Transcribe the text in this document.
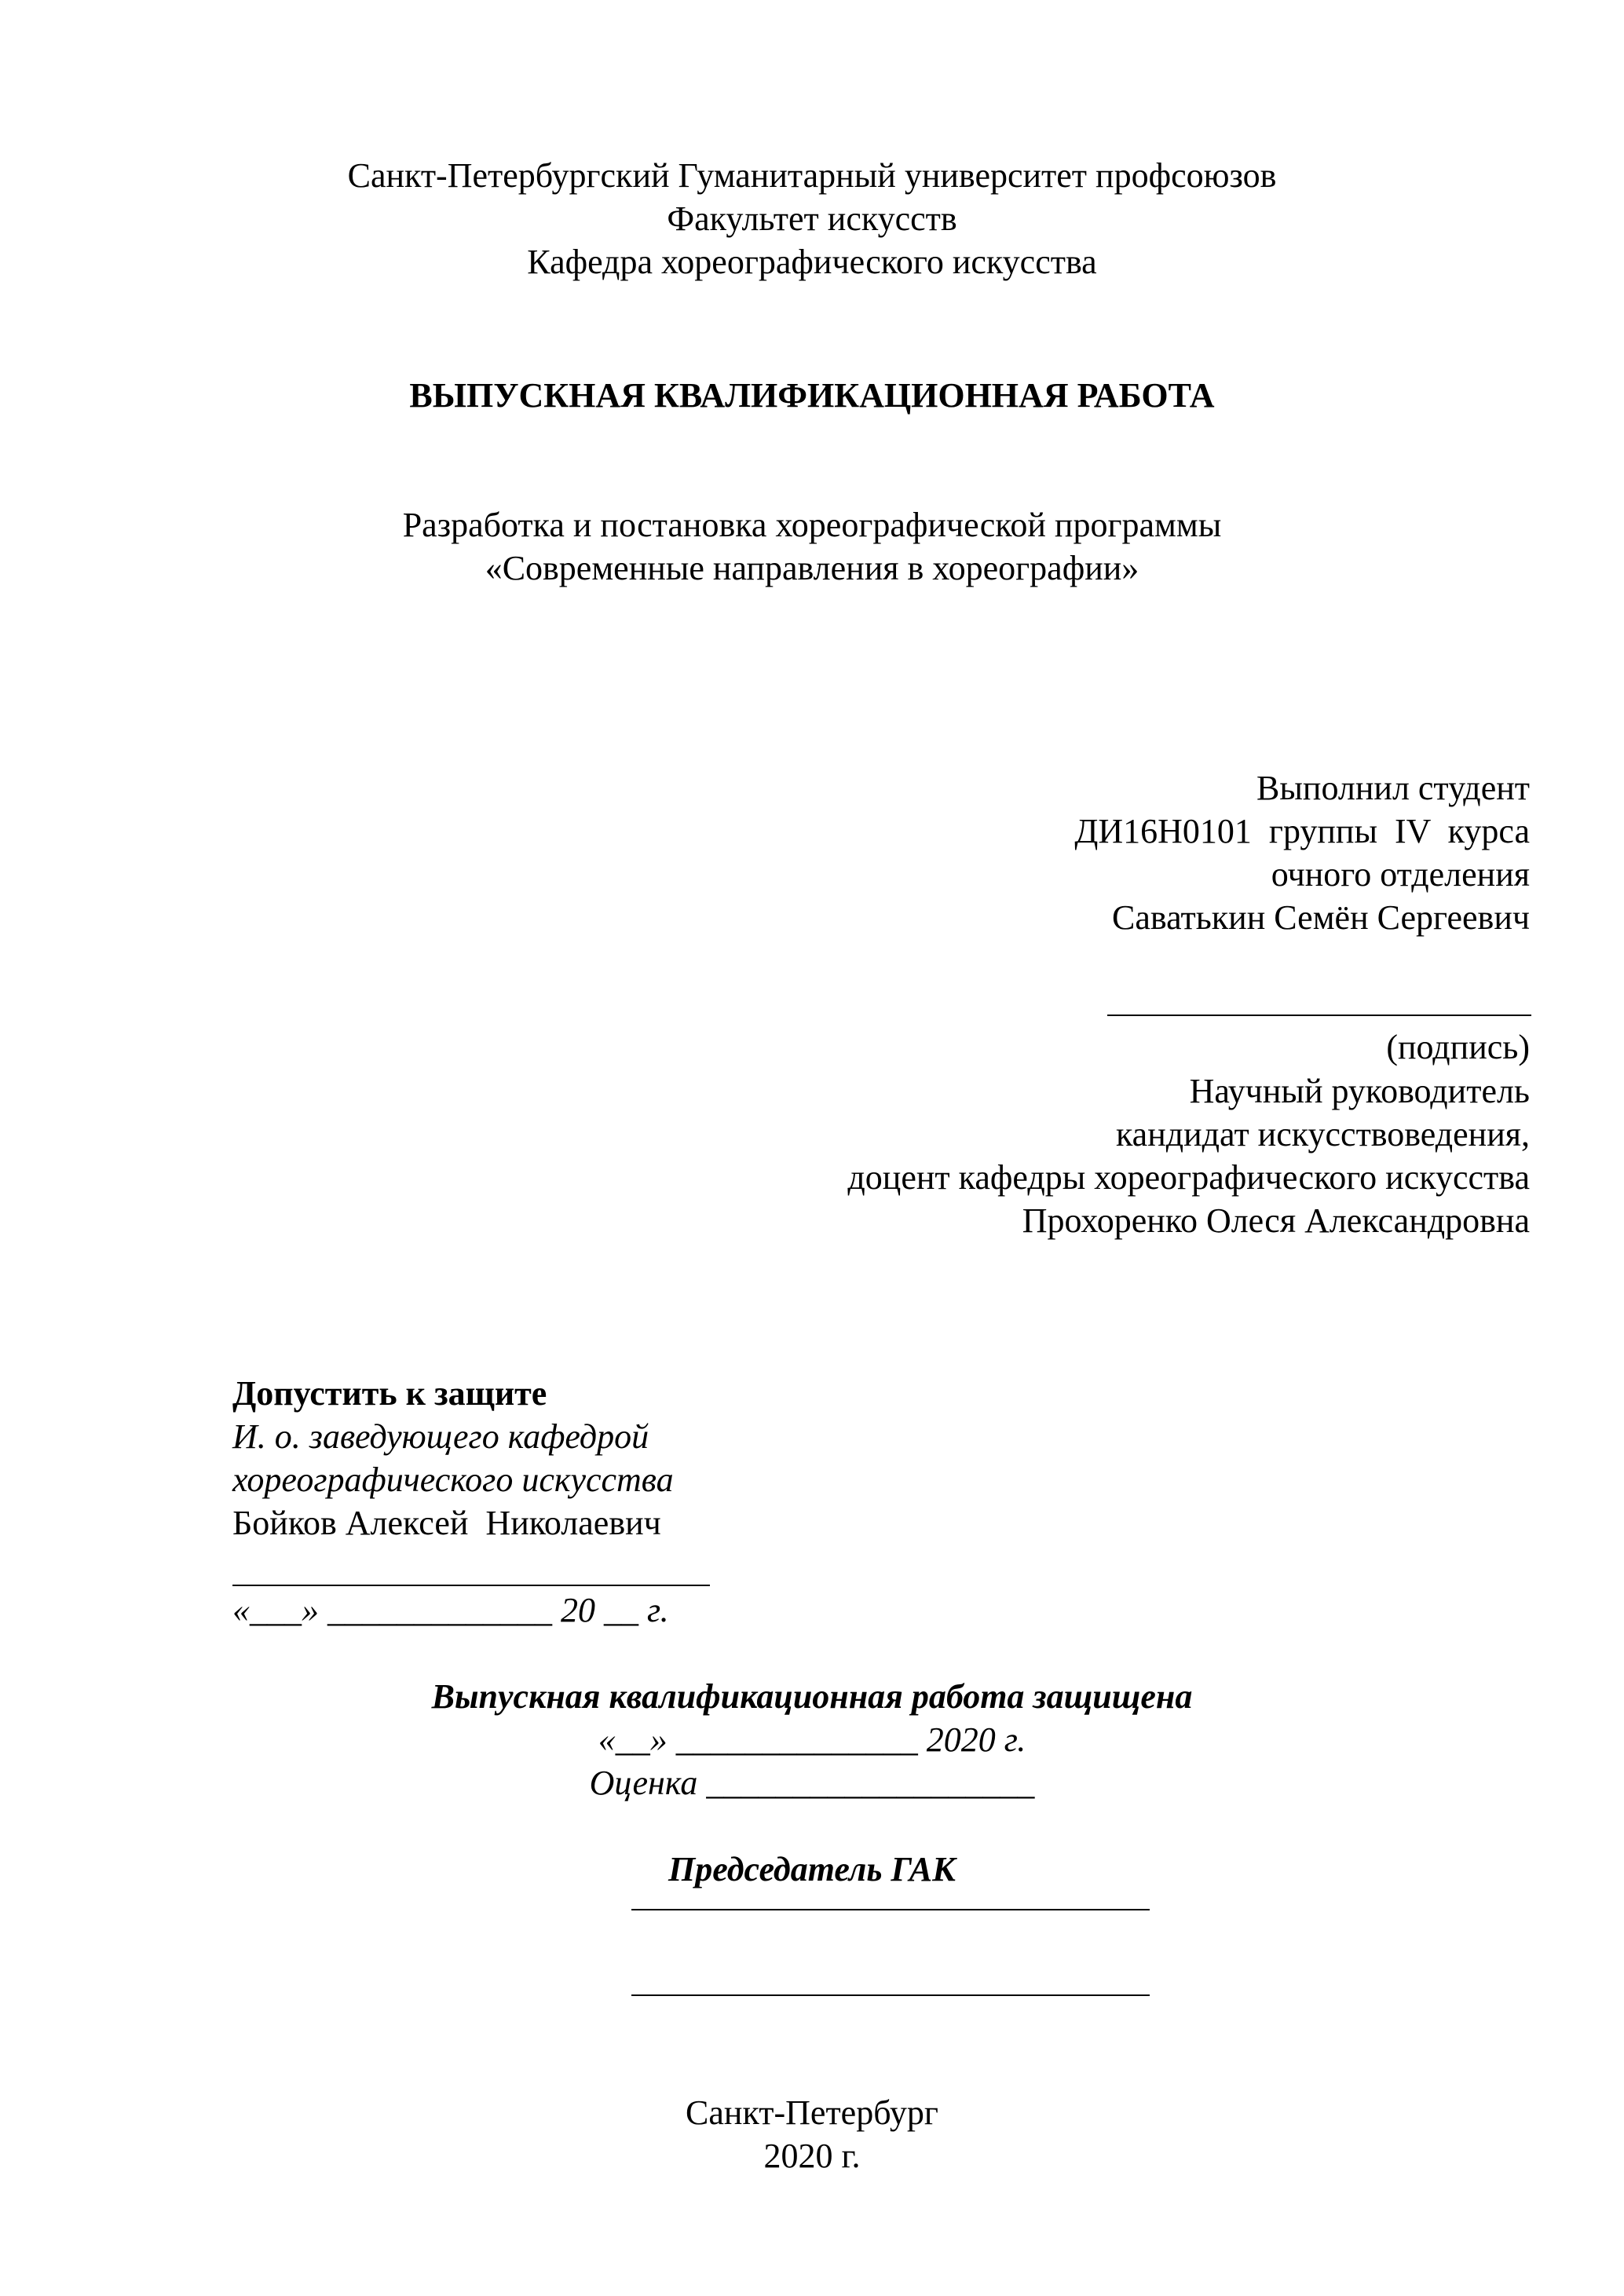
Санкт-Петербургский Гуманитарный университет профсоюзов
Факультет искусств
Кафедра хореографического искусства
ВЫПУСКНАЯ КВАЛИФИКАЦИОННАЯ РАБОТА
Разработка и постановка хореографической программы
«Современные направления в хореографии»
Выполнил студент
ДИ16Н0101  группы  IV  курса
очного отделения
Саватькин Семён Сергеевич
(подпись)
Научный руководитель
кандидат искусствоведения,
доцент кафедры хореографического искусства
Прохоренко Олеся Александровна
Допустить к защите
И. о. заведующего кафедрой
хореографического искусства
Бойков Алексей  Николаевич
«___» _____________ 20 __ г.
Выпускная квалификационная работа защищена
«__» ______________ 2020 г.
Оценка ___________________
Председатель ГАК
Санкт-Петербург
2020 г.
